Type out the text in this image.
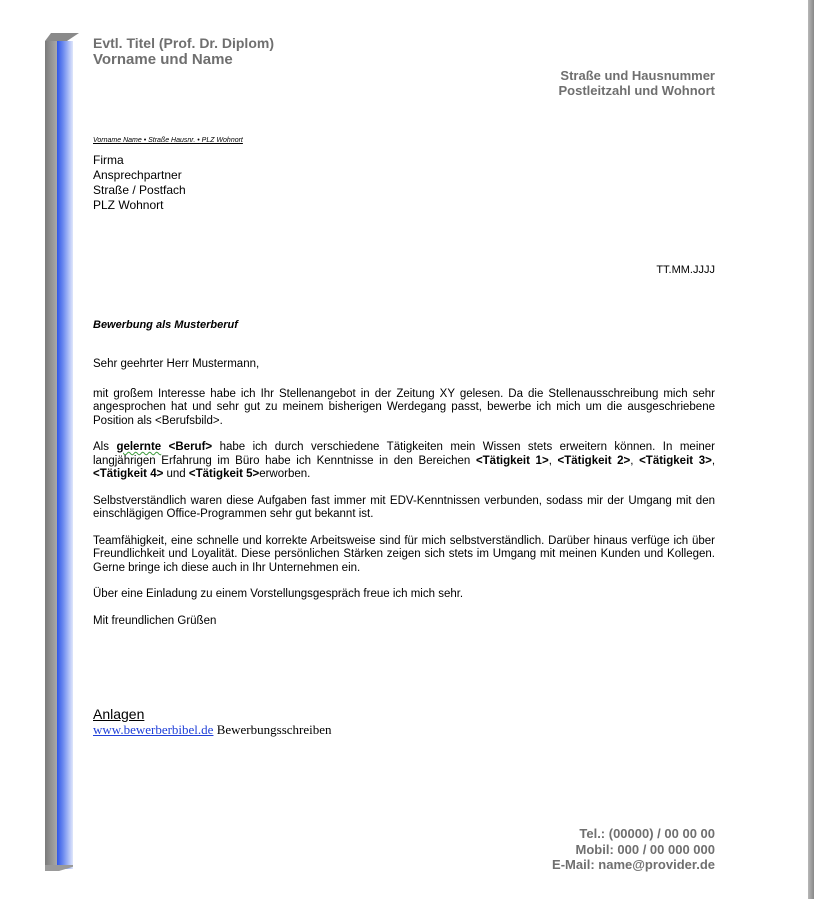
Evtl. Titel (Prof. Dr. Diplom)
Vorname und Name
Straße und Hausnummer
Postleitzahl und Wohnort
Vorname Name • Straße Hausnr. • PLZ Wohnort
Firma
Ansprechpartner
Straße / Postfach
PLZ Wohnort
TT.MM.JJJJ
Bewerbung als Musterberuf

Sehr geehrter Herr Mustermann,

mit großem Interesse habe ich Ihr Stellenangebot in der Zeitung XY gelesen. Da die Stellenausschreibung mich sehr angesprochen hat und sehr gut zu meinem bisherigen Werdegang passt, bewerbe ich mich um die ausgeschriebene Position als <Berufsbild>.

Als gelernte <Beruf> habe ich durch verschiedene Tätigkeiten mein Wissen stets erweitern können. In meiner langjährigen Erfahrung im Büro habe ich Kenntnisse in den Bereichen <Tätigkeit 1>, <Tätigkeit 2>, <Tätigkeit 3>, <Tätigkeit 4> und <Tätigkeit 5>erworben.

Selbstverständlich waren diese Aufgaben fast immer mit EDV-Kenntnissen verbunden, sodass mir der Umgang mit den einschlägigen Office-Programmen sehr gut bekannt ist.

Teamfähigkeit, eine schnelle und korrekte Arbeitsweise sind für mich selbstverständlich. Darüber hinaus verfüge ich über Freundlichkeit und Loyalität. Diese persönlichen Stärken zeigen sich stets im Umgang mit meinen Kunden und Kollegen. Gerne bringe ich diese auch in Ihr Unternehmen ein.

Über eine Einladung zu einem Vorstellungsgespräch freue ich mich sehr.

Mit freundlichen Grüßen

Anlagen
www.bewerberbibel.de Bewerbungsschreiben
Tel.: (00000) / 00 00 00
Mobil: 000 / 00 000 000
E-Mail: name@provider.de
